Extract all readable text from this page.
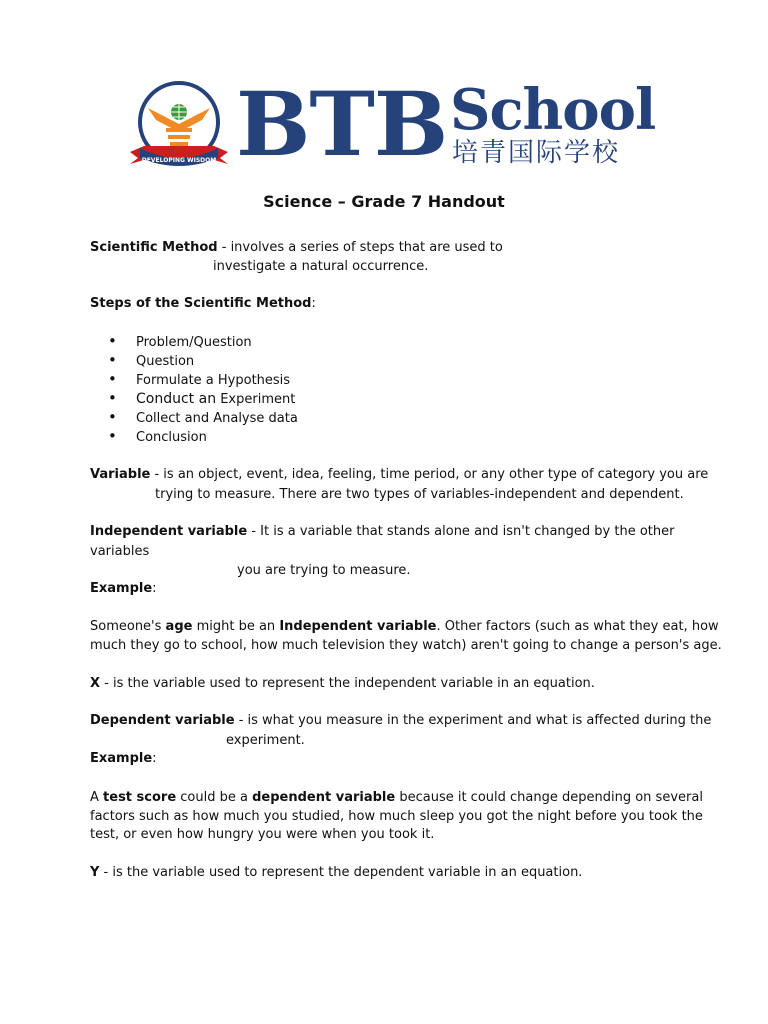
DEVELOPING WISDOM BTB School
培青国际学校
Science – Grade 7 Handout
Scientific Method - involves a series of steps that are used to
investigate a natural occurrence.
Steps of the Scientific Method:
• Problem/Question
• Question
• Formulate a Hypothesis
• Conduct an Experiment
• Collect and Analyse data
• Conclusion
Variable - is an object, event, idea, feeling, time period, or any other type of category you are
trying to measure. There are two types of variables-independent and dependent.
Independent variable - It is a variable that stands alone and isn't changed by the other
variables
you are trying to measure.
Example:
Someone's age might be an Independent variable. Other factors (such as what they eat, how
much they go to school, how much television they watch) aren't going to change a person's age.
X - is the variable used to represent the independent variable in an equation.
Dependent variable - is what you measure in the experiment and what is affected during the
experiment.
Example:
A test score could be a dependent variable because it could change depending on several
factors such as how much you studied, how much sleep you got the night before you took the
test, or even how hungry you were when you took it.
Y - is the variable used to represent the dependent variable in an equation.
